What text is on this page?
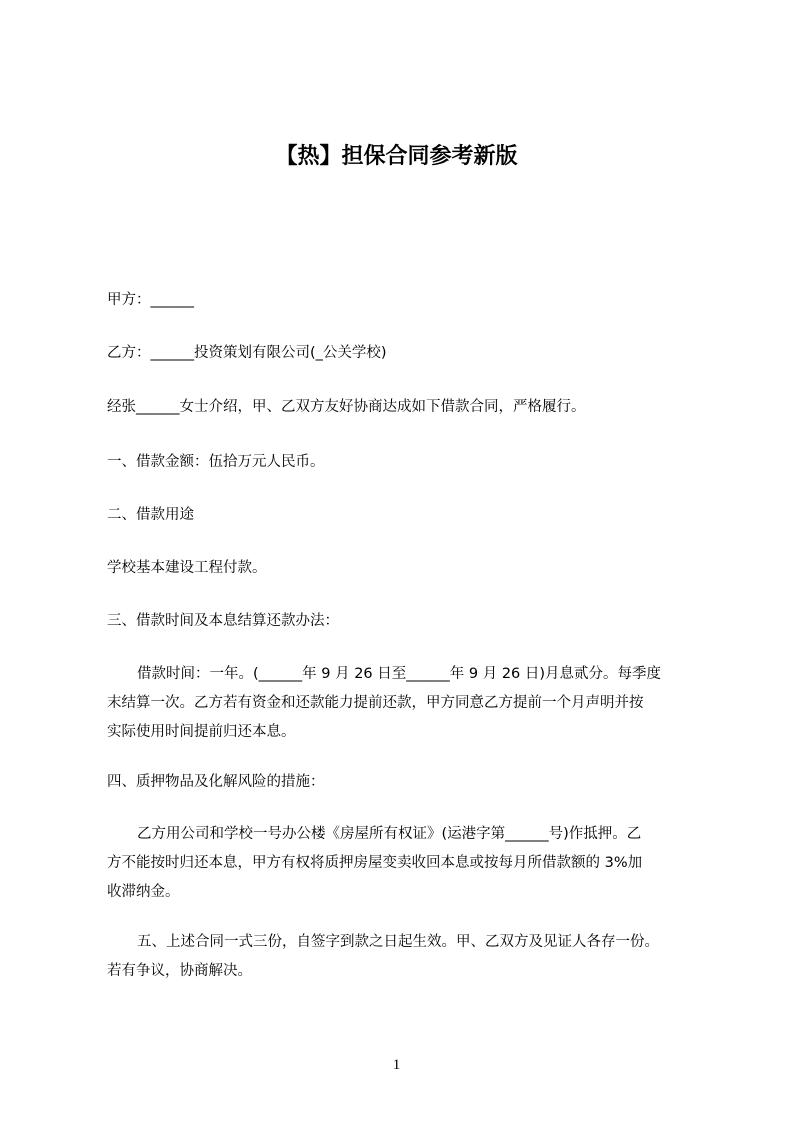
【热】担保合同参考新版

甲方：______

乙方：______投资策划有限公司(_公关学校)

经张______女士介绍，甲、乙双方友好协商达成如下借款合同，严格履行。

一、借款金额：伍拾万元人民币。

二、借款用途

学校基本建设工程付款。

三、借款时间及本息结算还款办法：

借款时间：一年。(______年 9 月 26 日至______年 9 月 26 日)月息贰分。每季度
末结算一次。乙方若有资金和还款能力提前还款，甲方同意乙方提前一个月声明并按
实际使用时间提前归还本息。

四、质押物品及化解风险的措施：

乙方用公司和学校一号办公楼《房屋所有权证》(运港字第______号)作抵押。乙
方不能按时归还本息，甲方有权将质押房屋变卖收回本息或按每月所借款额的 3%加
收滞纳金。
五、上述合同一式三份，自签字到款之日起生效。甲、乙双方及见证人各存一份。
若有争议，协商解决。
1
